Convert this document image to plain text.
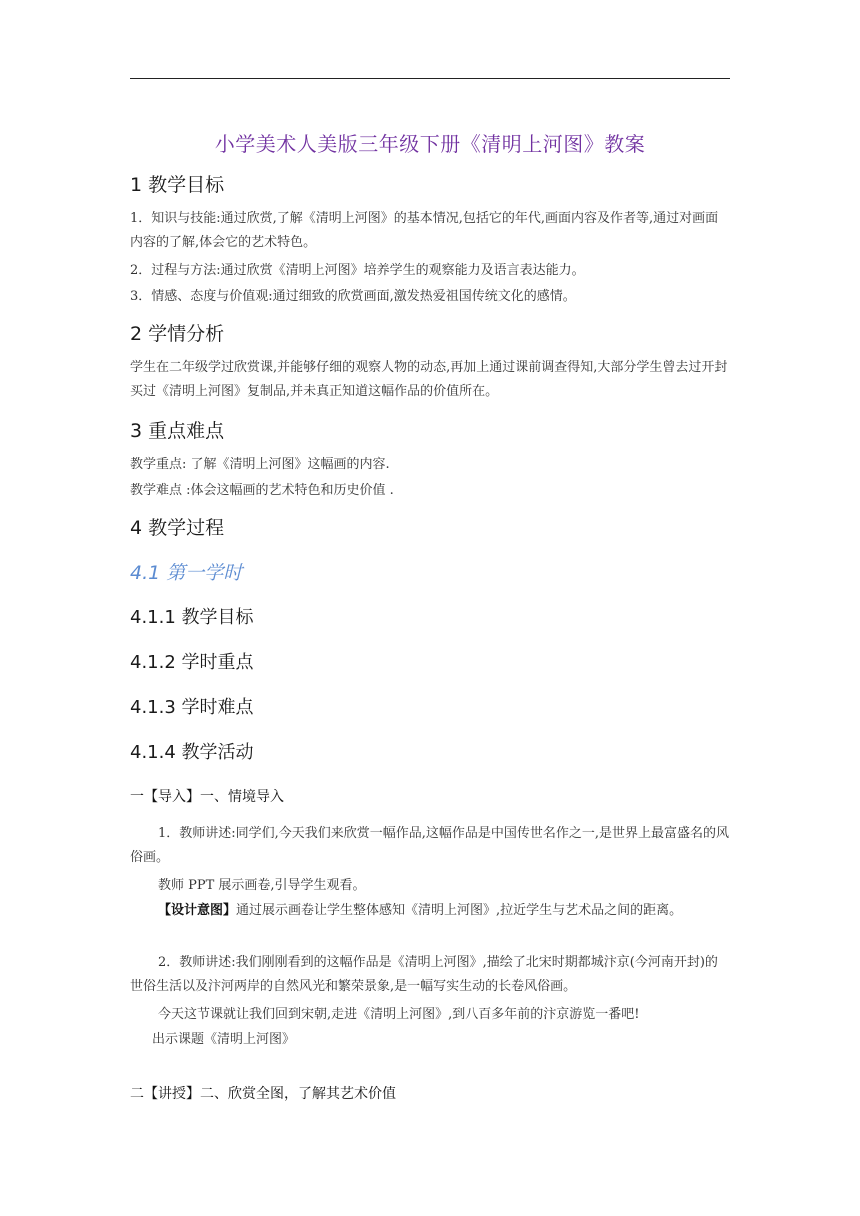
小学美术人美版三年级下册《清明上河图》教案
1 教学目标
1．知识与技能:通过欣赏,了解《清明上河图》的基本情况,包括它的年代,画面内容及作者等,通过对画面内容的了解,体会它的艺术特色。
2．过程与方法:通过欣赏《清明上河图》培养学生的观察能力及语言表达能力。
3．情感、态度与价值观:通过细致的欣赏画面,激发热爱祖国传统文化的感情。
2 学情分析
学生在二年级学过欣赏课,并能够仔细的观察人物的动态,再加上通过课前调查得知,大部分学生曾去过开封买过《清明上河图》复制品,并未真正知道这幅作品的价值所在。
3 重点难点
教学重点: 了解《清明上河图》这幅画的内容.
教学难点 :体会这幅画的艺术特色和历史价值 .
4 教学过程
4.1 第一学时
4.1.1 教学目标
4.1.2 学时重点
4.1.3 学时难点
4.1.4 教学活动
一【导入】一、情境导入
1．教师讲述:同学们,今天我们来欣赏一幅作品,这幅作品是中国传世名作之一,是世界上最富盛名的风俗画。
教师 PPT 展示画卷,引导学生观看。
【设计意图】通过展示画卷让学生整体感知《清明上河图》,拉近学生与艺术品之间的距离。
2．教师讲述:我们刚刚看到的这幅作品是《清明上河图》,描绘了北宋时期都城汴京(今河南开封)的世俗生活以及汴河两岸的自然风光和繁荣景象,是一幅写实生动的长卷风俗画。
今天这节课就让我们回到宋朝,走进《清明上河图》,到八百多年前的汴京游览一番吧!
出示课题《清明上河图》
二【讲授】二、欣赏全图，了解其艺术价值
